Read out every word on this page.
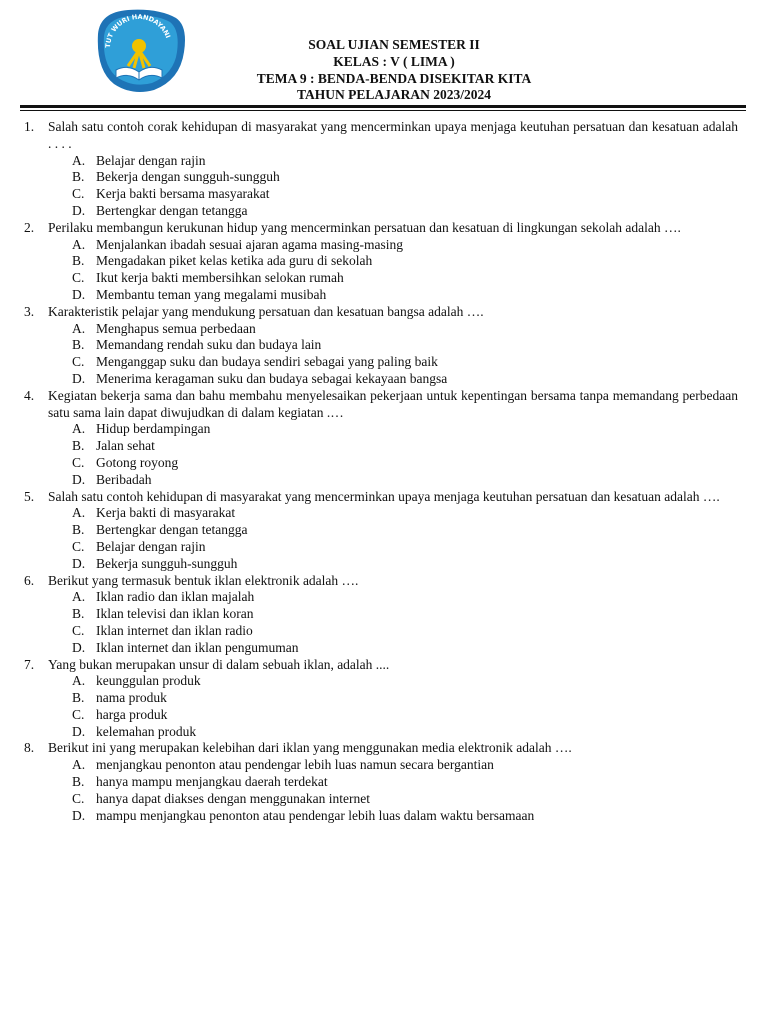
TUT WURI HANDAYANI
SOAL UJIAN SEMESTER II
KELAS : V ( LIMA )
TEMA 9 : BENDA-BENDA DISEKITAR KITA
TAHUN PELAJARAN 2023/2024
1.	Salah satu contoh corak kehidupan di masyarakat yang mencerminkan upaya menjaga keutuhan persatuan dan kesatuan adalah . . . .
A. Belajar dengan rajin
B. Bekerja dengan sungguh-sungguh
C. Kerja bakti bersama masyarakat
D. Bertengkar dengan tetangga
2.	Perilaku membangun kerukunan hidup yang mencerminkan persatuan dan kesatuan di lingkungan sekolah adalah ….
A. Menjalankan ibadah sesuai ajaran agama masing-masing
B. Mengadakan piket kelas ketika ada guru di sekolah
C. Ikut kerja bakti membersihkan selokan rumah
D. Membantu teman yang megalami musibah
3.	Karakteristik pelajar yang mendukung persatuan dan kesatuan bangsa adalah ….
A. Menghapus semua perbedaan
B. Memandang rendah suku dan budaya lain
C. Menganggap suku dan budaya sendiri sebagai yang paling baik
D. Menerima keragaman suku dan budaya sebagai kekayaan bangsa
4.	Kegiatan bekerja sama dan bahu membahu menyelesaikan pekerjaan untuk kepentingan bersama tanpa memandang perbedaan satu sama lain dapat diwujudkan di dalam kegiatan .…
A. Hidup berdampingan
B. Jalan sehat
C. Gotong royong
D. Beribadah
5.	Salah satu contoh kehidupan di masyarakat yang mencerminkan upaya menjaga keutuhan persatuan dan kesatuan adalah ….
A. Kerja bakti di masyarakat
B. Bertengkar dengan tetangga
C. Belajar dengan rajin
D. Bekerja sungguh-sungguh
6.	Berikut yang termasuk bentuk iklan elektronik adalah ….
A. Iklan radio dan iklan majalah
B. Iklan televisi dan iklan koran
C. Iklan internet dan iklan radio
D. Iklan internet dan iklan pengumuman
7.	Yang bukan merupakan unsur di dalam sebuah iklan, adalah ....
A. keunggulan produk
B. nama produk
C. harga produk
D. kelemahan produk
8.	Berikut ini yang merupakan kelebihan dari iklan yang menggunakan media elektronik adalah ….
A. menjangkau penonton atau pendengar lebih luas namun secara bergantian
B. hanya mampu menjangkau daerah terdekat
C. hanya dapat diakses dengan menggunakan internet
D. mampu menjangkau penonton atau pendengar lebih luas dalam waktu bersamaan
